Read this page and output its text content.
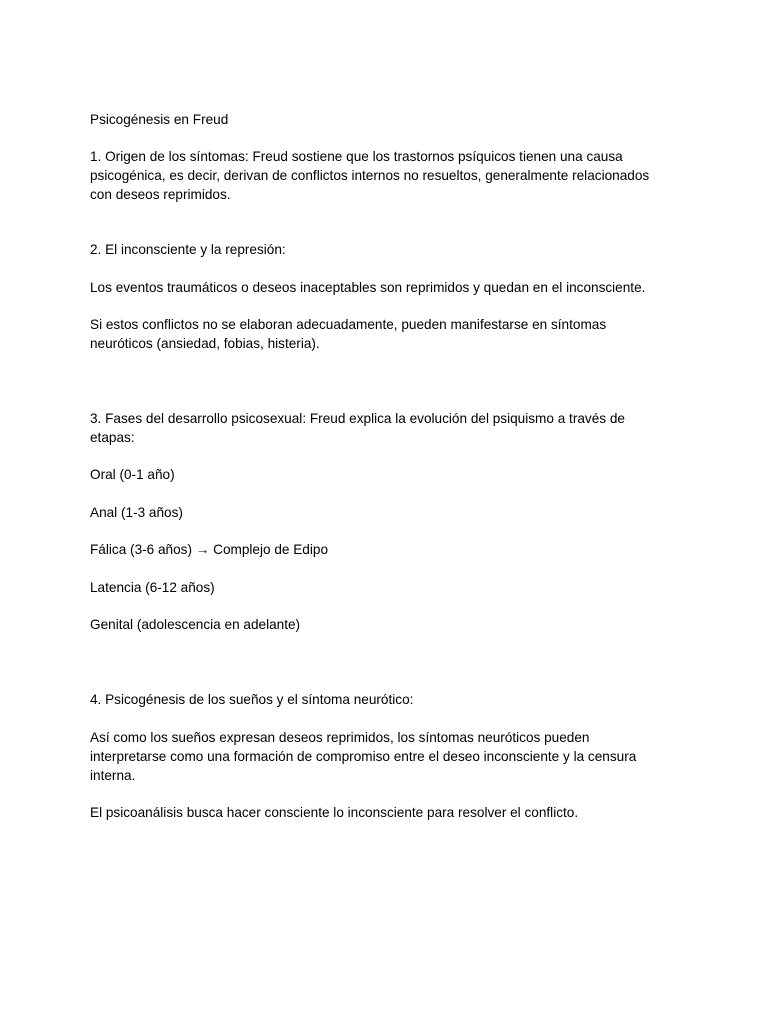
Psicogénesis en Freud

1. Origen de los síntomas: Freud sostiene que los trastornos psíquicos tienen una causa
psicogénica, es decir, derivan de conflictos internos no resueltos, generalmente relacionados
con deseos reprimidos.

2. El inconsciente y la represión:

Los eventos traumáticos o deseos inaceptables son reprimidos y quedan en el inconsciente.

Si estos conflictos no se elaboran adecuadamente, pueden manifestarse en síntomas
neuróticos (ansiedad, fobias, histeria).

3. Fases del desarrollo psicosexual: Freud explica la evolución del psiquismo a través de
etapas:

Oral (0-1 año)

Anal (1-3 años)

Fálica (3-6 años) → Complejo de Edipo

Latencia (6-12 años)

Genital (adolescencia en adelante)

4. Psicogénesis de los sueños y el síntoma neurótico:

Así como los sueños expresan deseos reprimidos, los síntomas neuróticos pueden
interpretarse como una formación de compromiso entre el deseo inconsciente y la censura
interna.

El psicoanálisis busca hacer consciente lo inconsciente para resolver el conflicto.
